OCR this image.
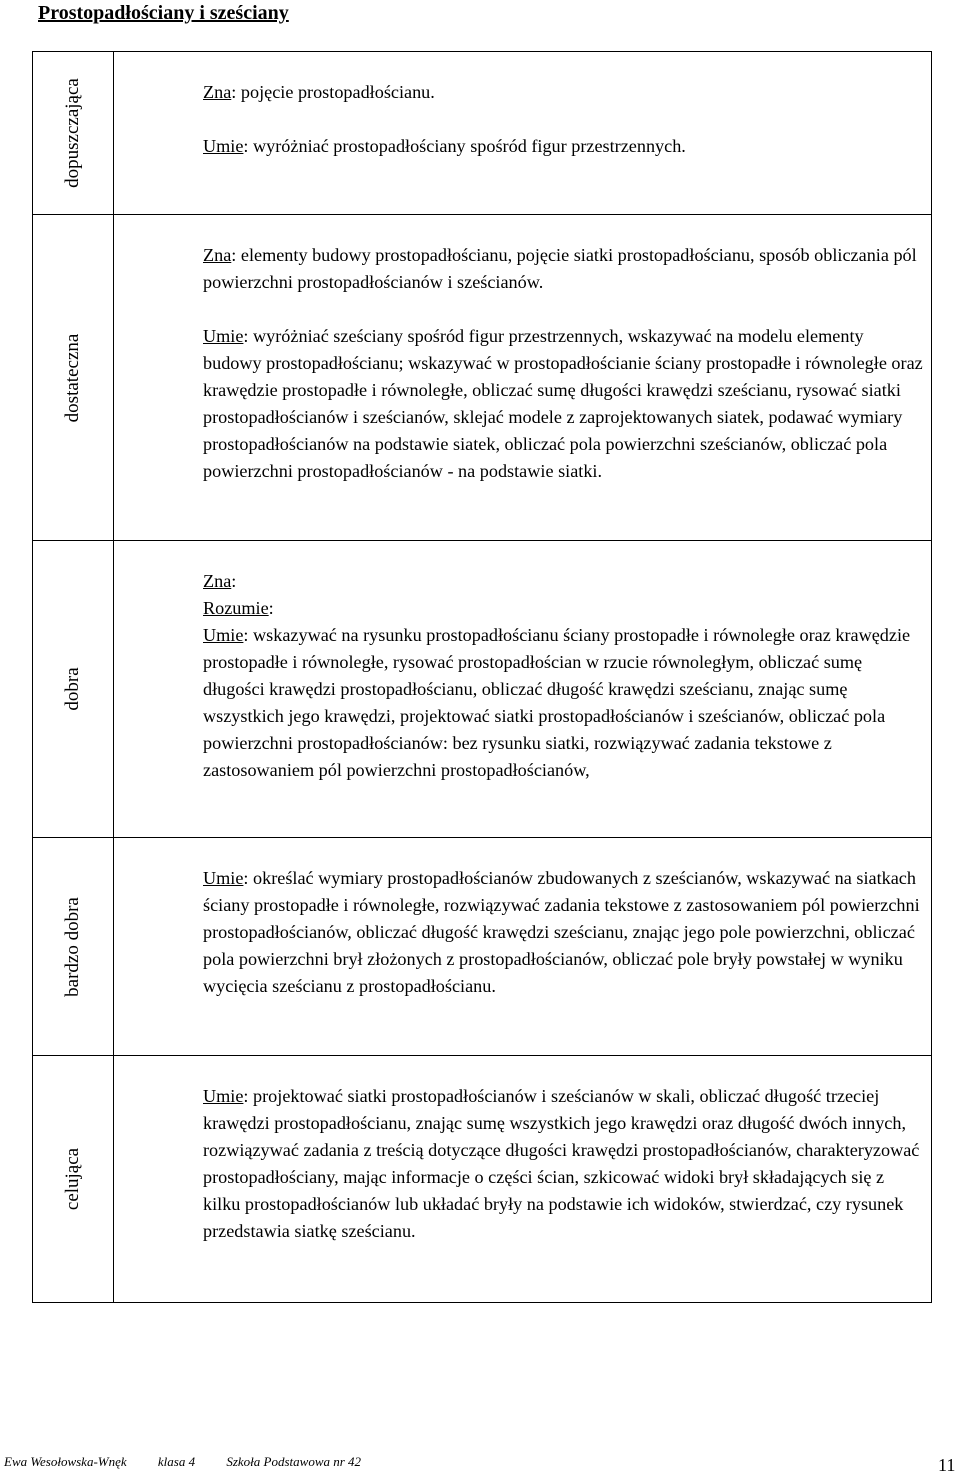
Prostopadłościany i sześciany
dopuszczająca	Zna: pojęcie prostopadłościanu.

Umie: wyróżniać prostopadłościany spośród figur przestrzennych.

dostateczna	Zna: elementy budowy prostopadłościanu, pojęcie siatki prostopadłościanu, sposób obliczania pól powierzchni prostopadłościanów i sześcianów.

Umie: wyróżniać sześciany spośród figur przestrzennych, wskazywać na modelu elementy budowy prostopadłościanu; wskazywać w prostopadłościanie ściany prostopadłe i równoległe oraz krawędzie prostopadłe i równoległe, obliczać sumę długości krawędzi sześcianu, rysować siatki prostopadłościanów i sześcianów, sklejać modele z zaprojektowanych siatek, podawać wymiary prostopadłościanów na podstawie siatek, obliczać pola powierzchni sześcianów, obliczać pola powierzchni prostopadłościanów - na podstawie siatki.

dobra	Zna:

Rozumie:

Umie: wskazywać na rysunku prostopadłościanu ściany prostopadłe i równoległe oraz krawędzie prostopadłe i równoległe, rysować prostopadłościan w rzucie równoległym, obliczać sumę długości krawędzi prostopadłościanu, obliczać długość krawędzi sześcianu, znając sumę wszystkich jego krawędzi, projektować siatki prostopadłościanów i sześcianów, obliczać pola powierzchni prostopadłościanów: bez rysunku siatki, rozwiązywać zadania tekstowe z zastosowaniem pól powierzchni prostopadłościanów,

bardzo dobra	Umie: określać wymiary prostopadłościanów zbudowanych z sześcianów, wskazywać na siatkach ściany prostopadłe i równoległe, rozwiązywać zadania tekstowe z zastosowaniem pól powierzchni prostopadłościanów, obliczać długość krawędzi sześcianu, znając jego pole powierzchni, obliczać pola powierzchni brył złożonych z prostopadłościanów, obliczać pole bryły powstałej w wyniku wycięcia sześcianu z prostopadłościanu.

celująca	Umie: projektować siatki prostopadłościanów i sześcianów w skali, obliczać długość trzeciej krawędzi prostopadłościanu, znając sumę wszystkich jego krawędzi oraz długość dwóch innych, rozwiązywać zadania z treścią dotyczące długości krawędzi prostopadłościanów, charakteryzować prostopadłościany, mając informacje o części ścian, szkicować widoki brył składających się z kilku prostopadłościanów lub układać bryły na podstawie ich widoków, stwierdzać, czy rysunek przedstawia siatkę sześcianu.

Ewa Wesołowska-Wnęk klasa 4 Szkoła Podstawowa nr 42	11
